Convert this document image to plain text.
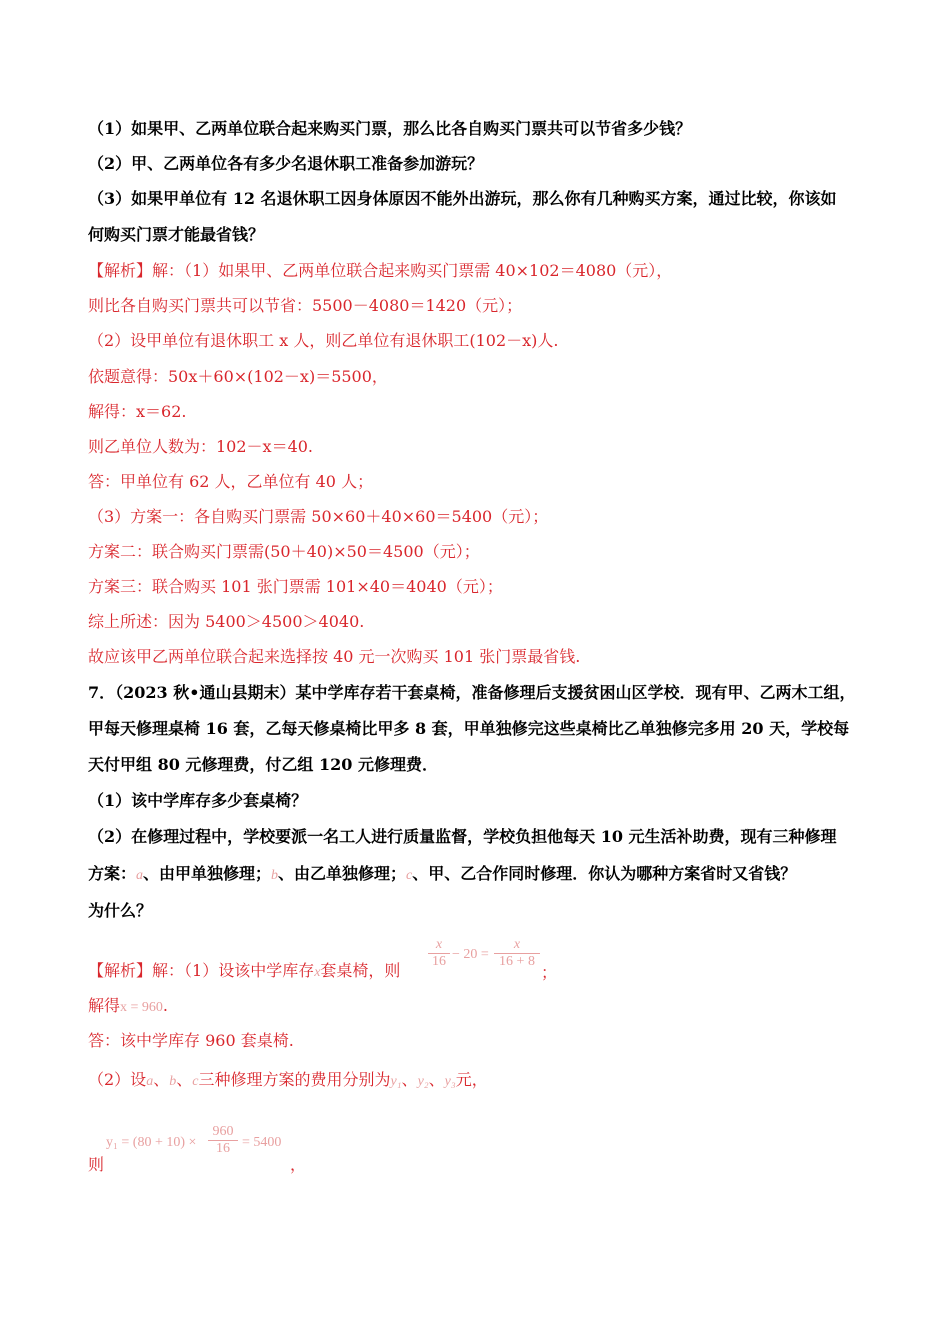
（1）如果甲、乙两单位联合起来购买门票，那么比各自购买门票共可以节省多少钱？
（2）甲、乙两单位各有多少名退休职工准备参加游玩？
（3）如果甲单位有 12 名退休职工因身体原因不能外出游玩，那么你有几种购买方案，通过比较，你该如
何购买门票才能最省钱？
【解析】解：（1）如果甲、乙两单位联合起来购买门票需 40×102＝4080（元），
则比各自购买门票共可以节省：5500－4080＝1420（元）；
（2）设甲单位有退休职工 x 人，则乙单位有退休职工(102－x)人.
依题意得：50x＋60×(102－x)＝5500，
解得：x＝62.
则乙单位人数为：102－x＝40.
答：甲单位有 62 人，乙单位有 40 人；
（3）方案一：各自购买门票需 50×60＋40×60＝5400（元）；
方案二：联合购买门票需(50＋40)×50＝4500（元）；
方案三：联合购买 101 张门票需 101×40＝4040（元）；
综上所述：因为 5400＞4500＞4040.
故应该甲乙两单位联合起来选择按 40 元一次购买 101 张门票最省钱.
7．（2023 秋•通山县期末）某中学库存若干套桌椅，准备修理后支援贫困山区学校．现有甲、乙两木工组，
甲每天修理桌椅 16 套，乙每天修桌椅比甲多 8 套，甲单独修完这些桌椅比乙单独修完多用 20 天，学校每
天付甲组 80 元修理费，付乙组 120 元修理费．
（1）该中学库存多少套桌椅？
（2）在修理过程中，学校要派一名工人进行质量监督，学校负担他每天 10 元生活补助费，现有三种修理
方案：a、由甲单独修理；b、由乙单独修理；c、甲、乙合作同时修理．你认为哪种方案省时又省钱？
为什么？
【解析】解：（1）设该中学库存x套桌椅，则
$\frac{x}{16} - 20 = \frac{x}{16 + 8}$
；
解得x = 960.
答：该中学库存 960 套桌椅.
（2）设a、b、c三种修理方案的费用分别为y₁、y₂、y₃元，
则
$y_1 = (80 + 10) \times \frac{960}{16} = 5400$
，
